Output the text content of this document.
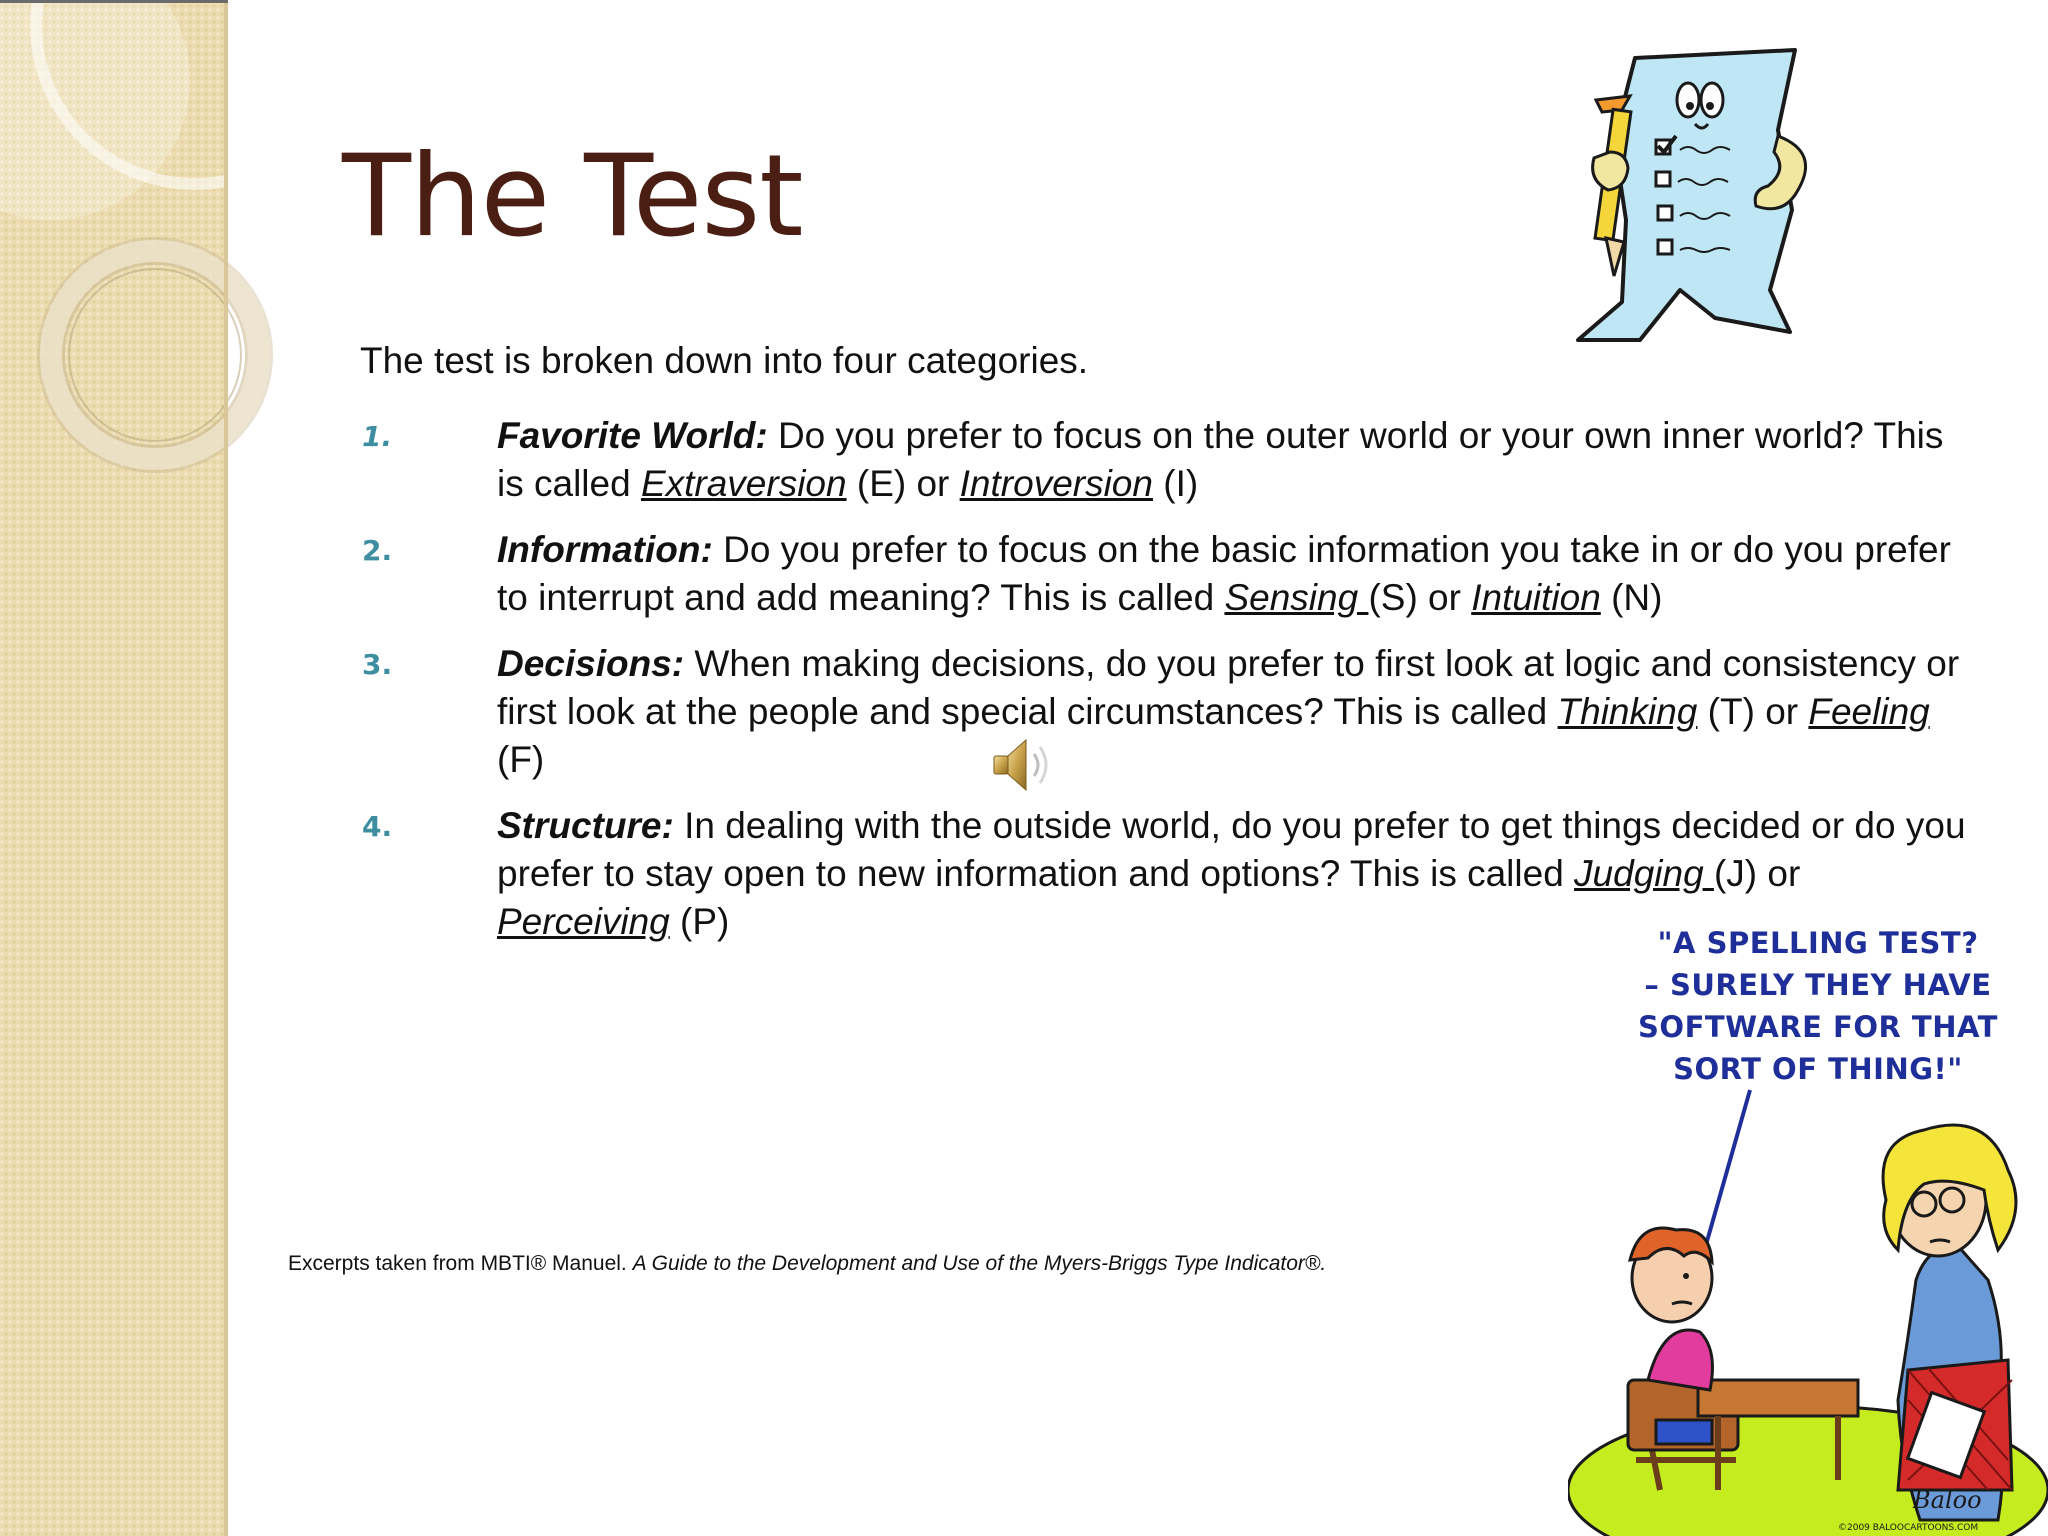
The Test

The test is broken down into four categories.

1.	Favorite World: Do you prefer to focus on the outer world or your own inner world? This is called Extraversion (E) or Introversion (I)
2.	Information: Do you prefer to focus on the basic information you take in or do you prefer to interrupt and add meaning? This is called Sensing (S) or Intuition (N)
3.	Decisions: When making decisions, do you prefer to first look at logic and consistency or first look at the people and special circumstances? This is called Thinking (T) or Feeling (F)
4.	Structure: In dealing with the outside world, do you prefer to get things decided or do you prefer to stay open to new information and options? This is called Judging (J) or Perceiving (P)
Excerpts taken from MBTI® Manuel. A Guide to the Development and Use of the Myers-Briggs Type Indicator®.
"A SPELLING TEST?
– SURELY THEY HAVE
SOFTWARE FOR THAT
SORT OF THING!"
Baloo
©2009 BALOOCARTOONS.COM
